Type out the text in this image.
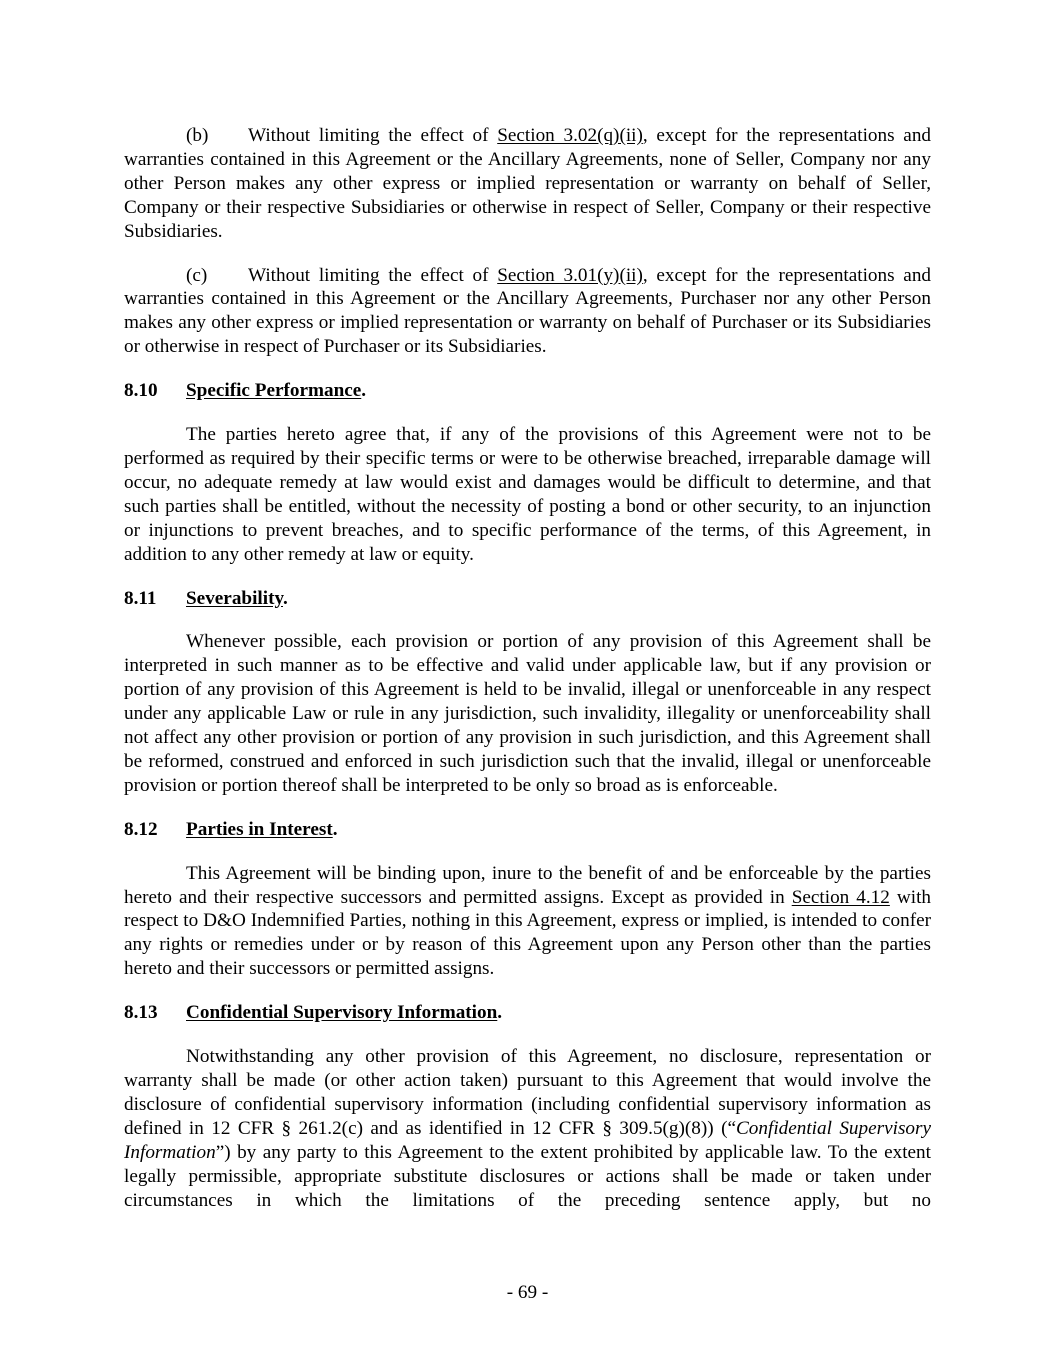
(b) Without limiting the effect of Section 3.02(q)(ii), except for the representations and warranties contained in this Agreement or the Ancillary Agreements, none of Seller, Company nor any other Person makes any other express or implied representation or warranty on behalf of Seller, Company or their respective Subsidiaries or otherwise in respect of Seller, Company or their respective Subsidiaries.

(c) Without limiting the effect of Section 3.01(y)(ii), except for the representations and warranties contained in this Agreement or the Ancillary Agreements, Purchaser nor any other Person makes any other express or implied representation or warranty on behalf of Purchaser or its Subsidiaries or otherwise in respect of Purchaser or its Subsidiaries.

8.10 Specific Performance.

The parties hereto agree that, if any of the provisions of this Agreement were not to be performed as required by their specific terms or were to be otherwise breached, irreparable damage will occur, no adequate remedy at law would exist and damages would be difficult to determine, and that such parties shall be entitled, without the necessity of posting a bond or other security, to an injunction or injunctions to prevent breaches, and to specific performance of the terms, of this Agreement, in addition to any other remedy at law or equity.

8.11 Severability.

Whenever possible, each provision or portion of any provision of this Agreement shall be interpreted in such manner as to be effective and valid under applicable law, but if any provision or portion of any provision of this Agreement is held to be invalid, illegal or unenforceable in any respect under any applicable Law or rule in any jurisdiction, such invalidity, illegality or unenforceability shall not affect any other provision or portion of any provision in such jurisdiction, and this Agreement shall be reformed, construed and enforced in such jurisdiction such that the invalid, illegal or unenforceable provision or portion thereof shall be interpreted to be only so broad as is enforceable.

8.12 Parties in Interest.

This Agreement will be binding upon, inure to the benefit of and be enforceable by the parties hereto and their respective successors and permitted assigns. Except as provided in Section 4.12 with respect to D&O Indemnified Parties, nothing in this Agreement, express or implied, is intended to confer any rights or remedies under or by reason of this Agreement upon any Person other than the parties hereto and their successors or permitted assigns.

8.13 Confidential Supervisory Information.

Notwithstanding any other provision of this Agreement, no disclosure, representation or warranty shall be made (or other action taken) pursuant to this Agreement that would involve the disclosure of confidential supervisory information (including confidential supervisory information as defined in 12 CFR § 261.2(c) and as identified in 12 CFR § 309.5(g)(8)) (“Confidential Supervisory Information”) by any party to this Agreement to the extent prohibited by applicable law. To the extent legally permissible, appropriate substitute disclosures or actions shall be made or taken under circumstances in which the limitations of the preceding sentence apply, but no

- 69 -
